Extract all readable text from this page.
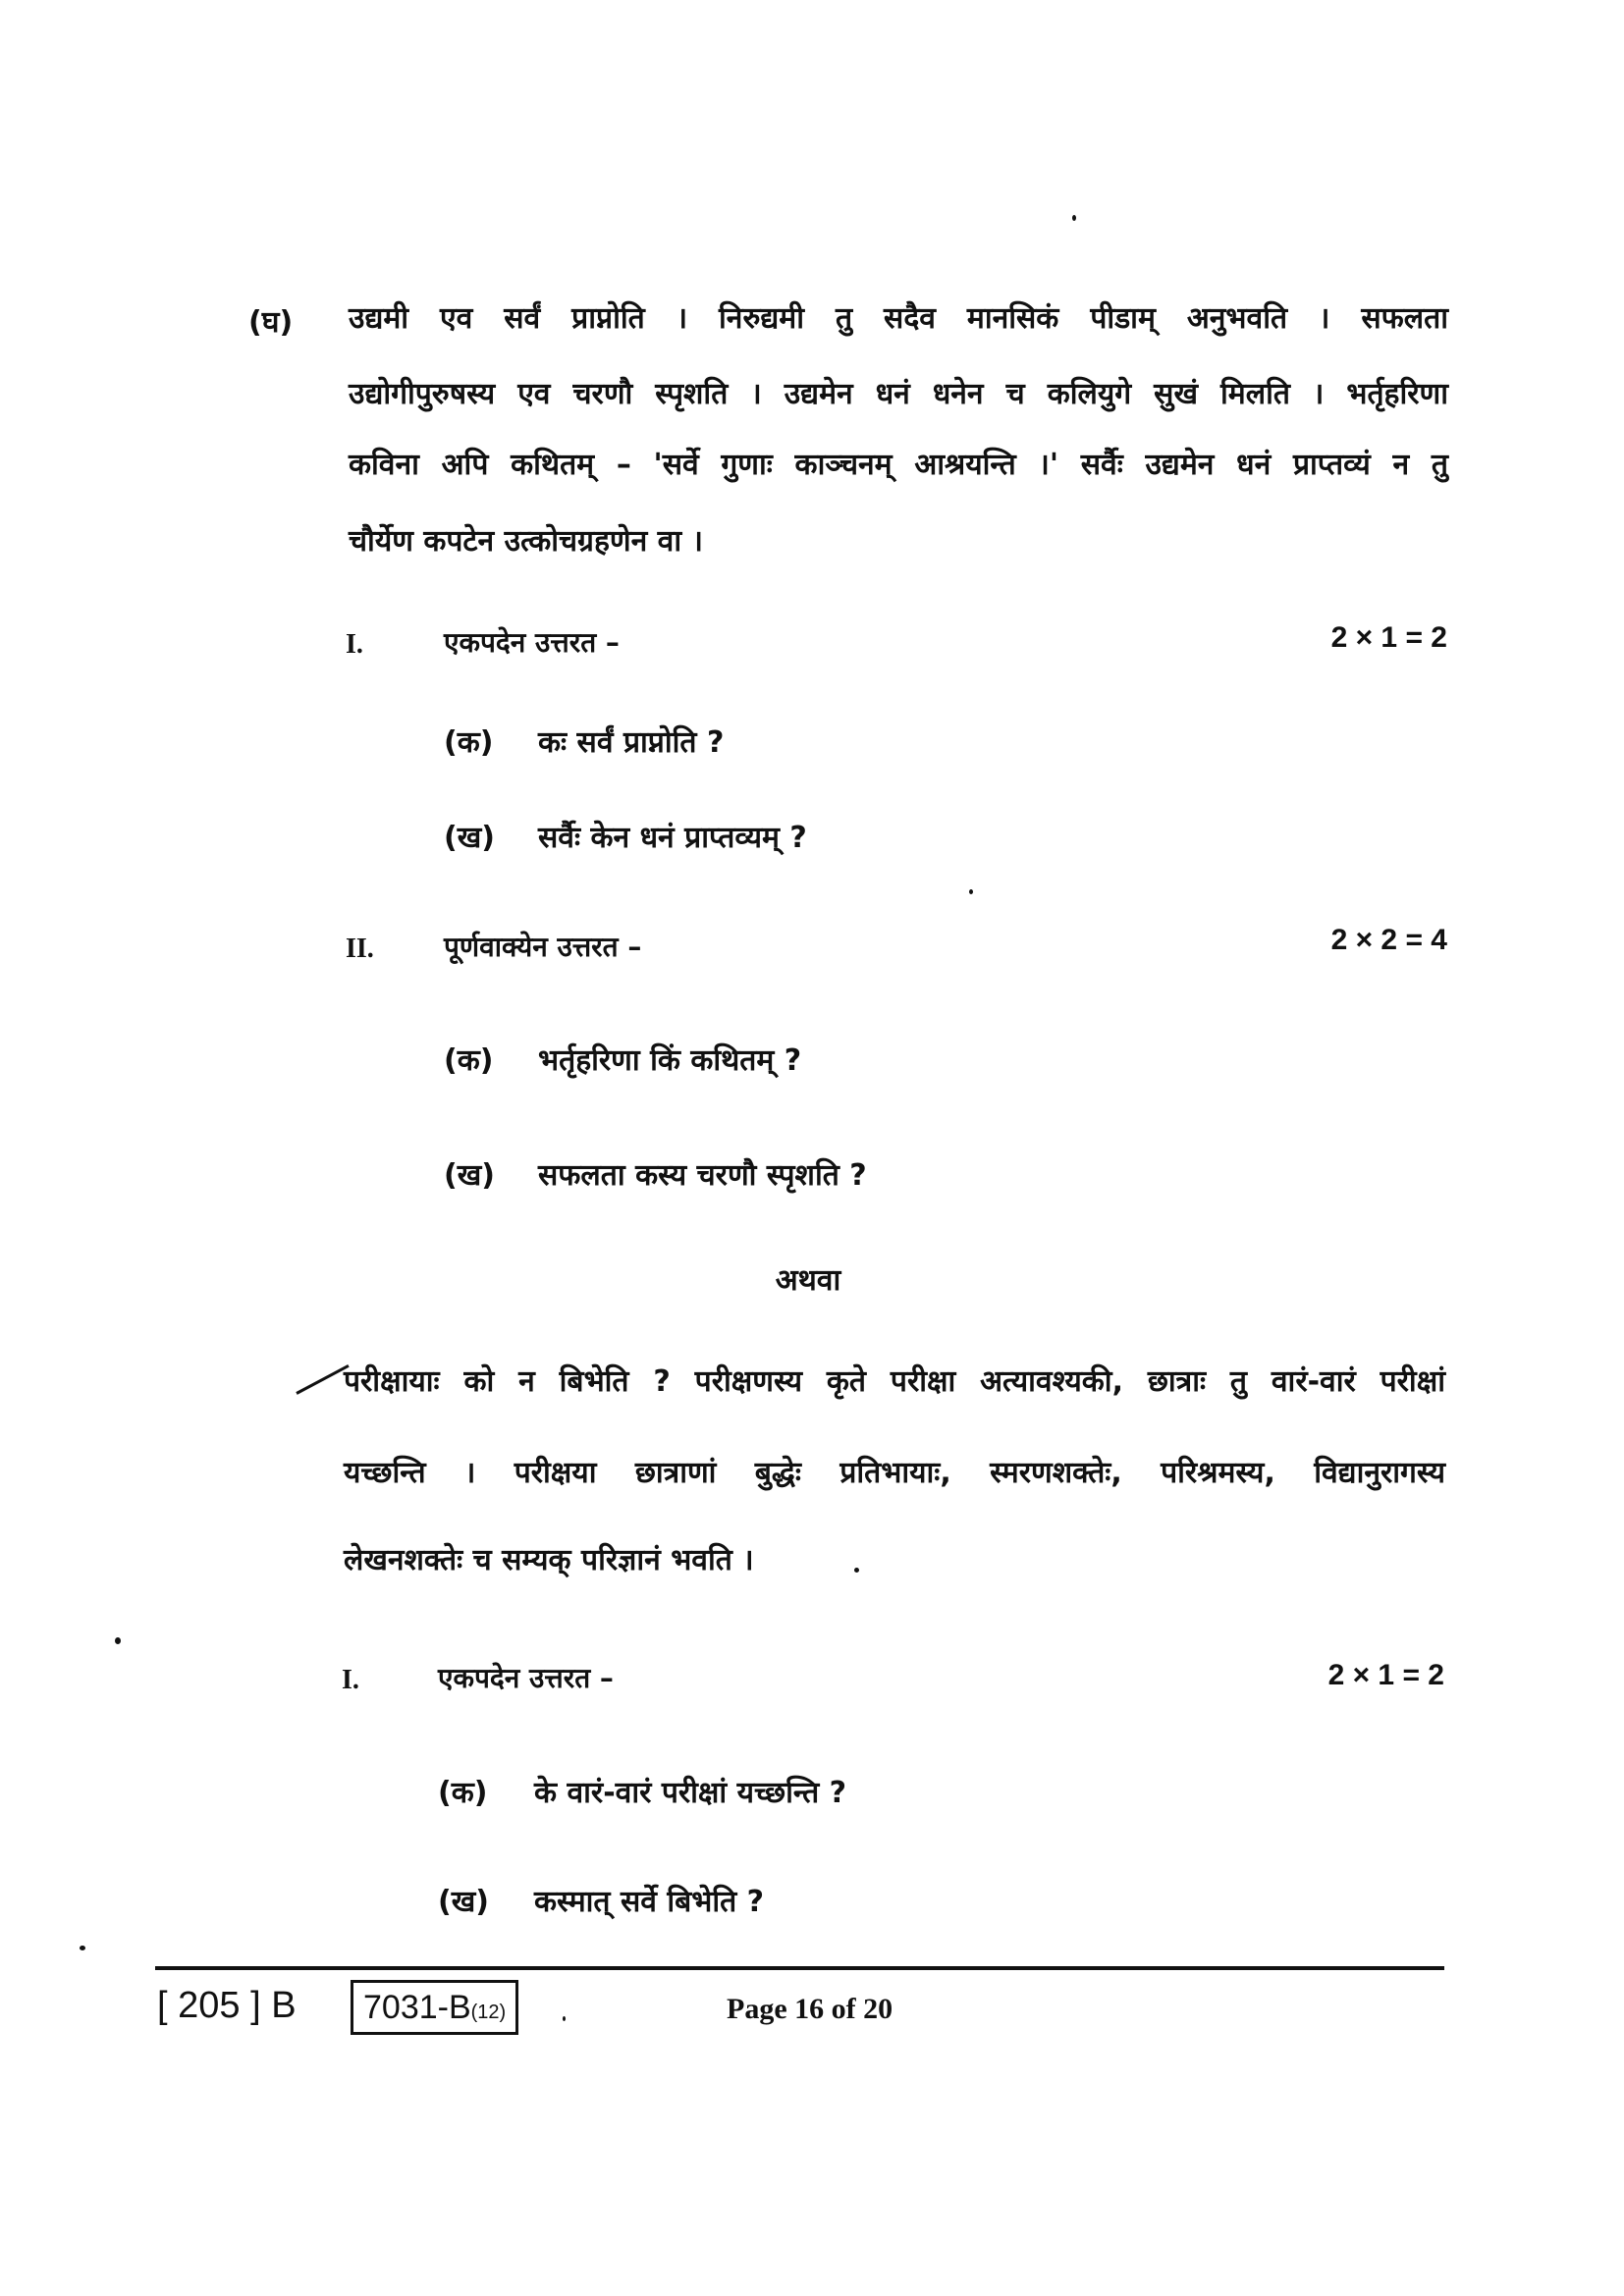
(घ) उद्यमी एव सर्वं प्राप्नोति । निरुद्यमी तु सदैव मानसिकं पीडाम् अनुभवति । सफलता
उद्योगीपुरुषस्य एव चरणौ स्पृशति । उद्यमेन धनं धनेन च कलियुगे सुखं मिलति । भर्तृहरिणा
कविना अपि कथितम् – 'सर्वे गुणाः काञ्चनम् आश्रयन्ति ।' सर्वैः उद्यमेन धनं प्राप्तव्यं न तु
चौर्येण कपटेन उत्कोचग्रहणेन वा ।
I.	एकपदेन उत्तरत –	2 × 1 = 2
(क) कः सर्वं प्राप्नोति ?
(ख) सर्वैः केन धनं प्राप्तव्यम् ?
II.	पूर्णवाक्येन उत्तरत –	2 × 2 = 4
(क) भर्तृहरिणा किं कथितम् ?
(ख) सफलता कस्य चरणौ स्पृशति ?
अथवा
परीक्षायाः को न बिभेति ? परीक्षणस्य कृते परीक्षा अत्यावश्यकी, छात्राः तु वारं-वारं परीक्षां
यच्छन्ति । परीक्षया छात्राणां बुद्धेः प्रतिभायाः, स्मरणशक्तेः, परिश्रमस्य, विद्यानुरागस्य
लेखनशक्तेः च सम्यक् परिज्ञानं भवति ।
I.	एकपदेन उत्तरत –	2 × 1 = 2
(क) के वारं-वारं परीक्षां यच्छन्ति ?
(ख) कस्मात् सर्वे बिभेति ?
[ 205 ] B	7031-B(12)	Page 16 of 20
